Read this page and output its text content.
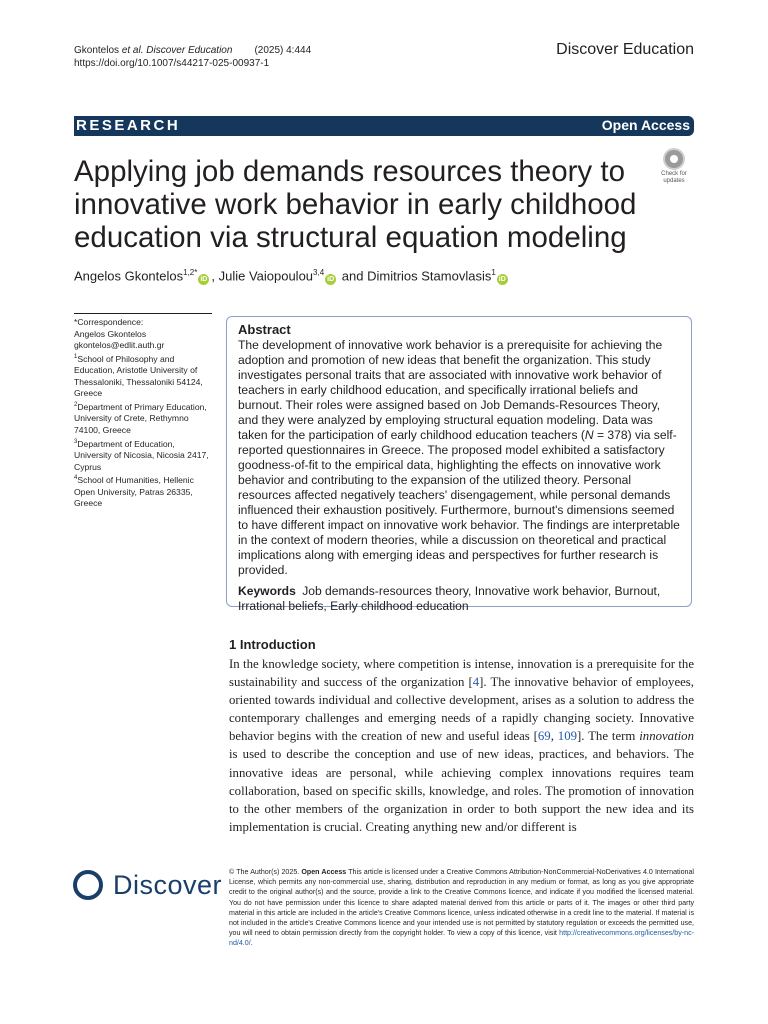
Gkontelos et al. Discover Education (2025) 4:444
https://doi.org/10.1007/s44217-025-00937-1
Discover Education
RESEARCH	Open Access
Applying job demands resources theory to innovative work behavior in early childhood education via structural equation modeling
Check for
updates
Angelos Gkontelos$^{1,2*}$iD , Julie Vaiopoulou$^{3,4}$iD and Dimitrios Stamovlasis$^1$iD
*Correspondence:
Angelos Gkontelos
gkontelos@edlit.auth.gr
$^1$School of Philosophy and Education, Aristotle University of Thessaloniki, Thessaloniki 54124, Greece
$^2$Department of Primary Education, University of Crete, Rethymno 74100, Greece
$^3$Department of Education, University of Nicosia, Nicosia 2417, Cyprus
$^4$School of Humanities, Hellenic Open University, Patras 26335, Greece
Abstract
The development of innovative work behavior is a prerequisite for achieving the adoption and promotion of new ideas that benefit the organization. This study investigates personal traits that are associated with innovative work behavior of teachers in early childhood education, and specifically irrational beliefs and burnout. Their roles were assigned based on Job Demands-Resources Theory, and they were analyzed by employing structural equation modeling. Data was taken for the participation of early childhood education teachers (N = 378) via self-reported questionnaires in Greece. The proposed model exhibited a satisfactory goodness-of-fit to the empirical data, highlighting the effects on innovative work behavior and contributing to the expansion of the utilized theory. Personal resources affected negatively teachers' disengagement, while personal demands influenced their exhaustion positively. Furthermore, burnout's dimensions seemed to have different impact on innovative work behavior. The findings are interpretable in the context of modern theories, while a discussion on theoretical and practical implications along with emerging ideas and perspectives for further research is provided.
Keywords Job demands-resources theory, Innovative work behavior, Burnout, Irrational beliefs, Early childhood education
1 Introduction
In the knowledge society, where competition is intense, innovation is a prerequisite for the sustainability and success of the organization [4]. The innovative behavior of employees, oriented towards individual and collective development, arises as a solution to address the contemporary challenges and emerging needs of a rapidly changing society. Innovative behavior begins with the creation of new and useful ideas [69, 109]. The term innovation is used to describe the conception and use of new ideas, practices, and behaviors. The innovative ideas are personal, while achieving complex innovations requires team collaboration, based on specific skills, knowledge, and roles. The promotion of innovation to the other members of the organization in order to both support the new idea and its implementation is crucial. Creating anything new and/or different is
Discover © The Author(s) 2025. Open Access This article is licensed under a Creative Commons Attribution-NonCommercial-NoDerivatives 4.0 International License, which permits any non-commercial use, sharing, distribution and reproduction in any medium or format, as long as you give appropriate credit to the original author(s) and the source, provide a link to the Creative Commons licence, and indicate if you modified the licensed material. You do not have permission under this licence to share adapted material derived from this article or parts of it. The images or other third party material in this article are included in the article's Creative Commons licence, unless indicated otherwise in a credit line to the material. If material is not included in the article's Creative Commons licence and your intended use is not permitted by statutory regulation or exceeds the permitted use, you will need to obtain permission directly from the copyright holder. To view a copy of this licence, visit http://creativecommons.org/licenses/by-nc-nd/4.0/.
